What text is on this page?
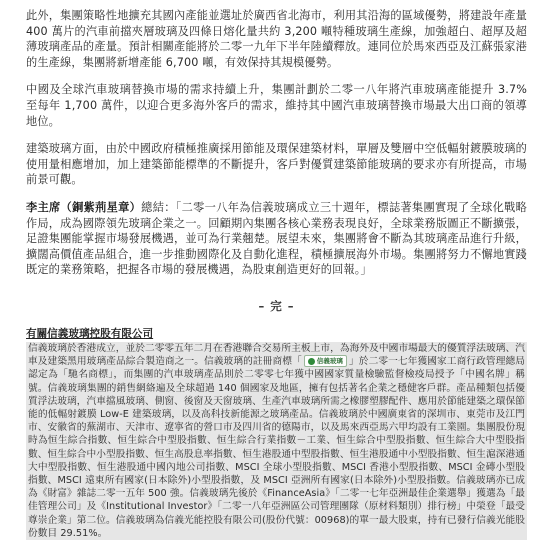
此外，集團策略性地擴充其國內產能並選址於廣西省北海市，利用其沿海的區域優勢，將建設年產量 400 萬片的汽車前擋夾層玻璃及四條日熔化量共約 3,200 噸特種玻璃生產線，加強超白、超厚及超薄玻璃產品的產量。預計相關產能將於二零一九年下半年陸續釋放。連同位於馬來西亞及江蘇張家港的生產線，集團將新增產能 6,700 噸，有效保持其規模優勢。

中國及全球汽車玻璃替換市場的需求持續上升，集團計劃於二零一八年將汽車玻璃產能提升 3.7% 至每年 1,700 萬件，以迎合更多海外客戶的需求，維持其中國汽車玻璃替換市場最大出口商的領導地位。

建築玻璃方面，由於中國政府積極推廣採用節能及環保建築材料，單層及雙層中空低輻射鍍膜玻璃的使用量相應增加，加上建築節能標準的不斷提升，客戶對優質建築節能玻璃的要求亦有所提高，市場前景可觀。

李主席（銅紫荊星章）總結：「二零一八年為信義玻璃成立三十週年，標誌著集團實現了全球化戰略作局，成為國際領先玻璃企業之一。回顧期內集團各核心業務表現良好，全球業務版圖正不斷擴張，足證集團能掌握市場發展機遇，並可為行業翹楚。展望未來，集團將會不斷為其玻璃產品進行升級，擴闊高價值產品組合，進一步推動國際化及自動化進程，積極擴展海外市場。集團將努力不懈地實踐既定的業務策略，把握各市場的發展機遇，為股東創造更好的回報。」

– 完 –
有關信義玻璃控股有限公司

信義玻璃於香港成立，並於二零零五年二月在香港聯合交易所主板上市，為海外及中國市場最大的優質浮法玻璃、汽車及建築黑用玻璃產品綜合製造商之一。信義玻璃的註冊商標「 $^{信義玻璃}$ 」於二零一七年獲國家工商行政管理總局認定為「馳名商標」，而集團的汽車玻璃產品則於二零零七年獲中國國家質量檢驗監督檢疫局授予「中國名牌」稱號。信義玻璃集團的銷售網絡遍及全球超過 140 個國家及地區，擁有包括著名企業之穩健客戶群。產品種類包括優質浮法玻璃，汽車擋風玻璃、側窗、後窗及天窗玻璃、生產汽車玻璃所需之橡膠塑膠配件、應用於節能建築之環保節能的低輻射鍍膜 Low-E 建築玻璃，以及高科技新能源之玻璃產品。信義玻璃於中國廣東省的深圳市、東莞市及江門市、安徽省的蕪湖市、天津市、遼寧省的營口市及四川省的德陽市，以及馬來西亞馬六甲均設有工業園。集團股份現時為恒生綜合指數、恒生綜合中型股指數、恒生綜合行業指數－工業、恒生綜合中型股指數、恒生綜合大中型股指數、恒生綜合中小型股指數、恒生高股息率指數、恒生港股通中型股指數、恒生港股通中小型股指數、恒生滬深港通大中型股指數、恒生港股通中國內地公司指數、MSCI 全球小型股指數、MSCI 香港小型股指數、MSCI 金磚小型股指數、MSCI 遠東所有國家(日本除外)小型股指數，及 MSCI 亞洲所有國家(日本除外)小型股指數。信義玻璃亦已成為《財富》雜誌二零一五年 500 強。信義玻璃先後於《FinanceAsia》「二零一七年亞洲最佳企業選舉」獲選為「最佳管理公司」及《Institutional Investor》「二零一八年亞洲區公司管理團隊（原材料類別）排行榜」中榮登「最受尊崇企業」第二位。信義玻璃為信義光能控股有限公司(股份代號：00968)的單一最大股東，持有已發行信義光能股份數目 29.51%。
